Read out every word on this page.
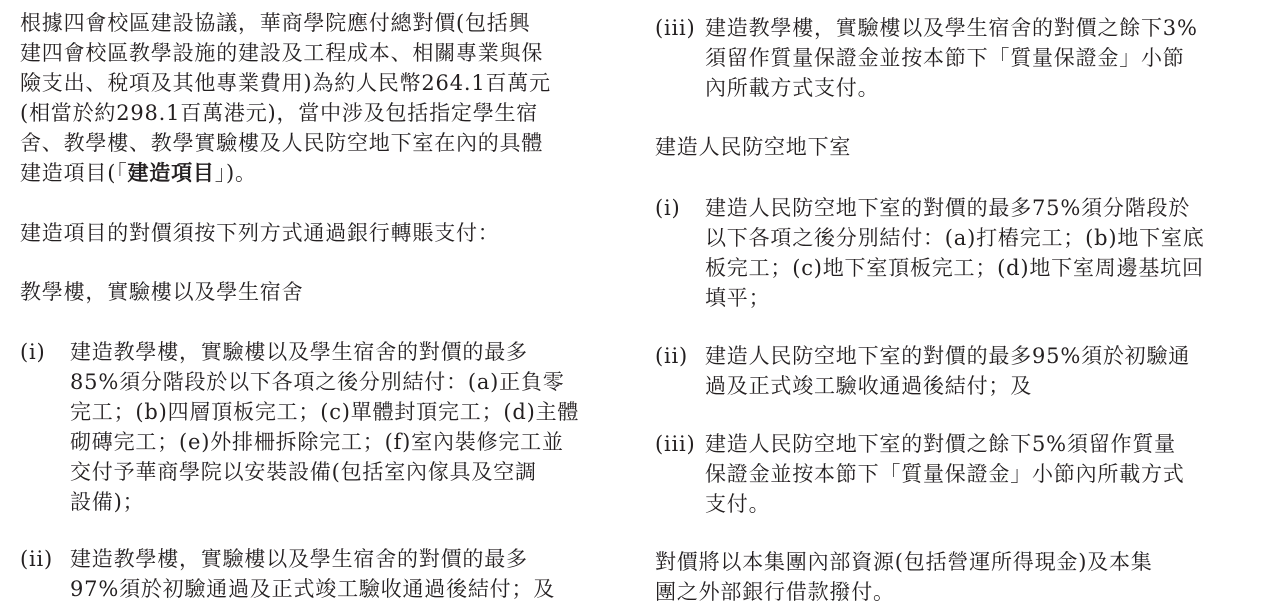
根據四會校區建設協議，華商學院應付總對價(包括興
建四會校區教學設施的建設及工程成本、相關專業與保
險支出、稅項及其他專業費用)為約人民幣264.1百萬元
(相當於約298.1百萬港元)，當中涉及包括指定學生宿
舍、教學樓、教學實驗樓及人民防空地下室在內的具體
建造項目(「建造項目」)。
建造項目的對價須按下列方式通過銀行轉賬支付：
教學樓，實驗樓以及學生宿舍
(i) 建造教學樓，實驗樓以及學生宿舍的對價的最多
85%須分階段於以下各項之後分別結付：(a)正負零
完工；(b)四層頂板完工；(c)單體封頂完工；(d)主體
砌磚完工；(e)外排柵拆除完工；(f)室內裝修完工並
交付予華商學院以安裝設備(包括室內傢具及空調
設備)；
(ii) 建造教學樓，實驗樓以及學生宿舍的對價的最多
97%須於初驗通過及正式竣工驗收通過後結付；及
(iii) 建造教學樓，實驗樓以及學生宿舍的對價之餘下3%
須留作質量保證金並按本節下「質量保證金」小節
內所載方式支付。
建造人民防空地下室
(i) 建造人民防空地下室的對價的最多75%須分階段於
以下各項之後分別結付：(a)打樁完工；(b)地下室底
板完工；(c)地下室頂板完工；(d)地下室周邊基坑回
填平；
(ii) 建造人民防空地下室的對價的最多95%須於初驗通
過及正式竣工驗收通過後結付；及
(iii) 建造人民防空地下室的對價之餘下5%須留作質量
保證金並按本節下「質量保證金」小節內所載方式
支付。
對價將以本集團內部資源(包括營運所得現金)及本集
團之外部銀行借款撥付。
